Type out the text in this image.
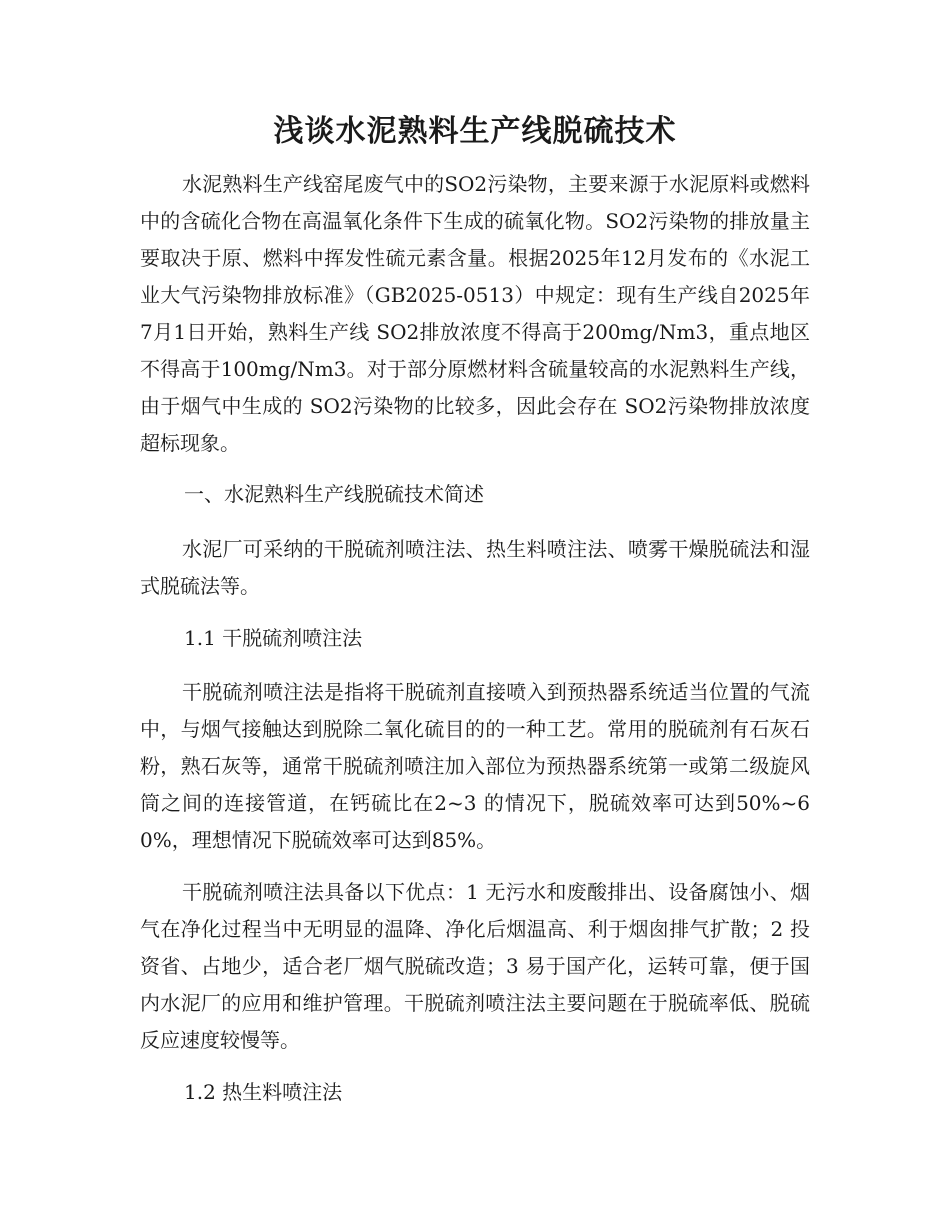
浅谈水泥熟料生产线脱硫技术

水泥熟料生产线窑尾废气中的SO2污染物，主要来源于水泥原料或燃料中的含硫化合物在高温氧化条件下生成的硫氧化物。SO2污染物的排放量主要取决于原、燃料中挥发性硫元素含量。根据2025年12月发布的《水泥工业大气污染物排放标准》（GB2025-0513）中规定：现有生产线自2025年7月1日开始，熟料生产线 SO2排放浓度不得高于200mg/Nm3，重点地区不得高于100mg/Nm3。对于部分原燃材料含硫量较高的水泥熟料生产线，由于烟气中生成的 SO2污染物的比较多，因此会存在 SO2污染物排放浓度超标现象。

一、水泥熟料生产线脱硫技术简述

水泥厂可采纳的干脱硫剂喷注法、热生料喷注法、喷雾干燥脱硫法和湿式脱硫法等。

1.1 干脱硫剂喷注法

干脱硫剂喷注法是指将干脱硫剂直接喷入到预热器系统适当位置的气流中，与烟气接触达到脱除二氧化硫目的的一种工艺。常用的脱硫剂有石灰石粉，熟石灰等，通常干脱硫剂喷注加入部位为预热器系统第一或第二级旋风筒之间的连接管道，在钙硫比在2~3 的情况下，脱硫效率可达到50%~60%，理想情况下脱硫效率可达到85%。

干脱硫剂喷注法具备以下优点：1 无污水和废酸排出、设备腐蚀小、烟气在净化过程当中无明显的温降、净化后烟温高、利于烟囱排气扩散；2 投资省、占地少，适合老厂烟气脱硫改造；3 易于国产化，运转可靠，便于国内水泥厂的应用和维护管理。干脱硫剂喷注法主要问题在于脱硫率低、脱硫反应速度较慢等。

1.2 热生料喷注法
